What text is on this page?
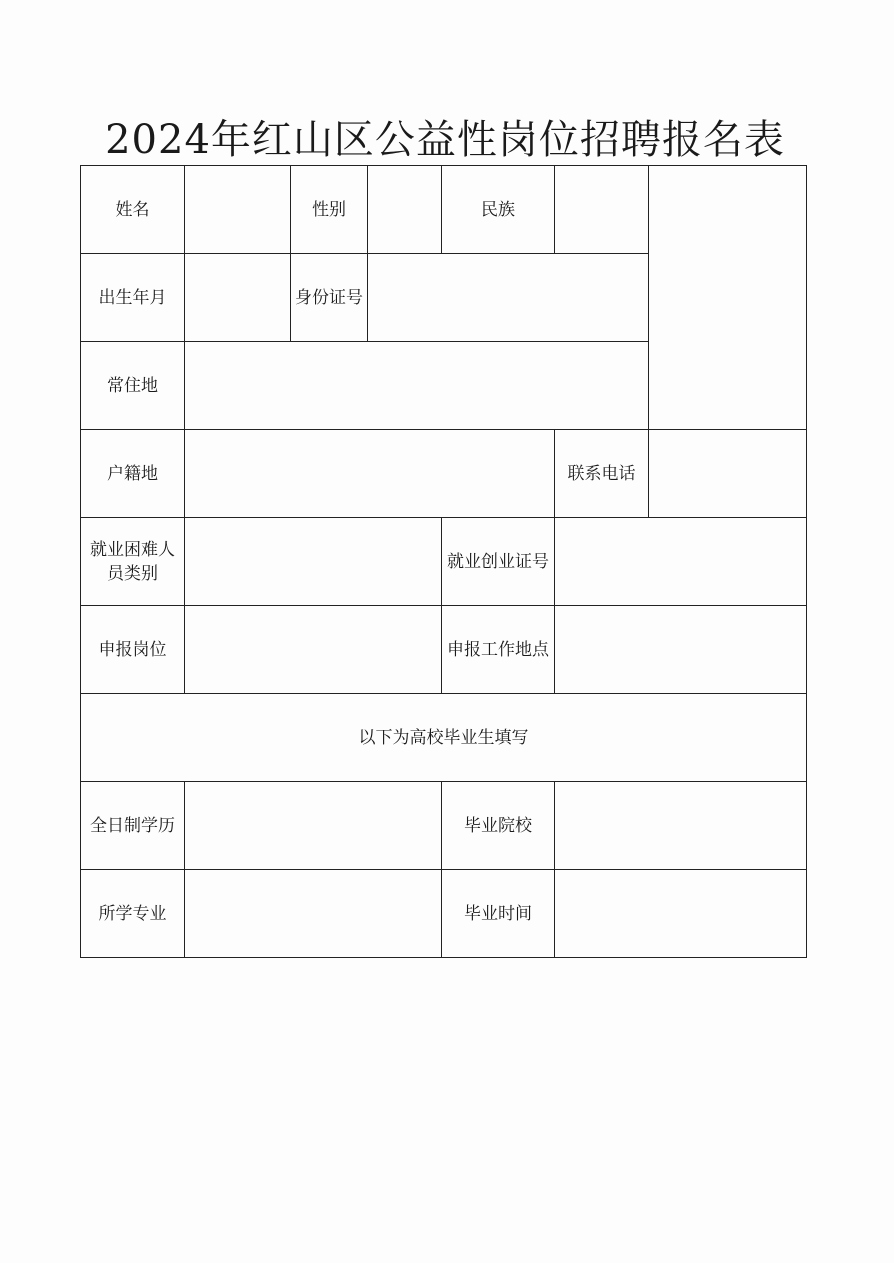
2024年红山区公益性岗位招聘报名表
姓名		性别		民族		
出生年月		身份证号				
常住地						
户籍地					联系电话	
就业困难人员类别				就业创业证号		
申报岗位				申报工作地点		
以下为高校毕业生填写						
全日制学历				毕业院校		
所学专业				毕业时间		
